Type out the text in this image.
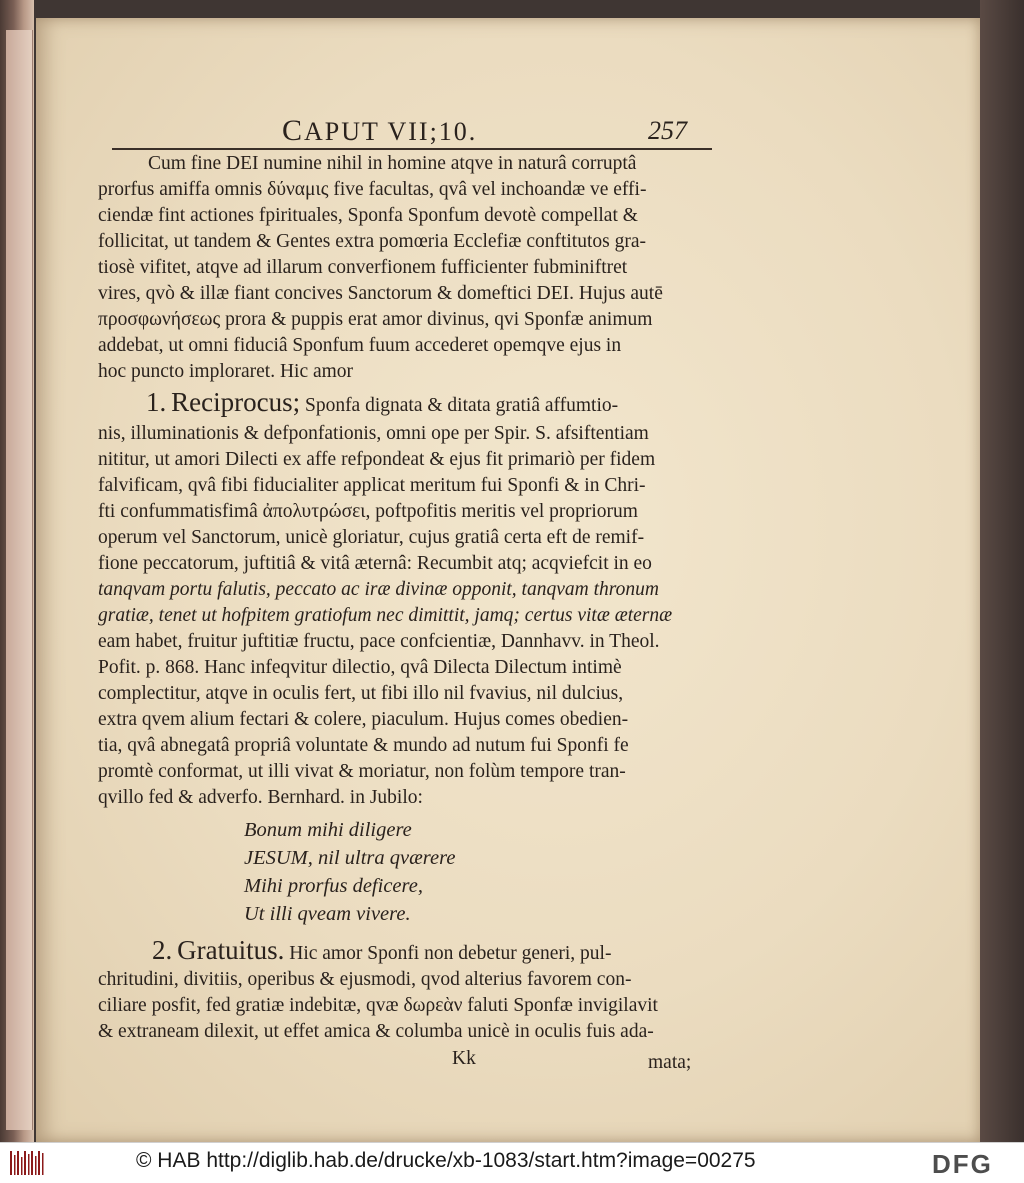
CAPUT VII;10.	257
Cum fine DEI numine nihil in homine atqve in naturâ corruptâ
prorfus amiffa omnis δύναμις five facultas, qvâ vel inchoandæ ve effi-
ciendæ fint actiones fpirituales, Sponfa Sponfum devotè compellat &
follicitat, ut tandem & Gentes extra pomœria Ecclefiæ conftitutos gra-
tiosè vifitet, atqve ad illarum converfionem fufficienter fubminiftret
vires, qvò & illæ fiant concives Sanctorum & domeftici DEI. Hujus autē
προσφωνήσεως prora & puppis erat amor divinus, qvi Sponfæ animum
addebat, ut omni fiduciâ Sponfum fuum accederet opemqve ejus in
hoc puncto imploraret. Hic amor
1. Reciprocus; Sponfa dignata & ditata gratiâ affumtio-
nis, illuminationis & defponfationis, omni ope per Spir. S. afsiftentiam
nititur, ut amori Dilecti ex affe refpondeat & ejus fit primariò per fidem
falvificam, qvâ fibi fiducialiter applicat meritum fui Sponfi & in Chri-
fti confummatisfimâ ἀπολυτρώσει, poftpofitis meritis vel propriorum
operum vel Sanctorum, unicè gloriatur, cujus gratiâ certa eft de remif-
fione peccatorum, juftitiâ & vitâ æternâ: Recumbit atq; acqviefcit in eo
tanqvam portu falutis, peccato ac iræ divinæ opponit, tanqvam thronum
gratiæ, tenet ut hofpitem gratiofum nec dimittit, jamq; certus vitæ æternæ
eam habet, fruitur juftitiæ fructu, pace confcientiæ, Dannhavv. in Theol.
Pofit. p. 868. Hanc infeqvitur dilectio, qvâ Dilecta Dilectum intimè
complectitur, atqve in oculis fert, ut fibi illo nil fvavius, nil dulcius,
extra qvem alium fectari & colere, piaculum. Hujus comes obedien-
tia, qvâ abnegatâ propriâ voluntate & mundo ad nutum fui Sponfi fe
promtè conformat, ut illi vivat & moriatur, non folùm tempore tran-
qvillo fed & adverfo. Bernhard. in Jubilo:
Bonum mihi diligere
JESUM, nil ultra qværere
Mihi prorfus deficere,
Ut illi qveam vivere.
2. Gratuitus. Hic amor Sponfi non debetur generi, pul-
chritudini, divitiis, operibus & ejusmodi, qvod alterius favorem con-
ciliare posfit, fed gratiæ indebitæ, qvæ δωρεὰν faluti Sponfæ invigilavit
& extraneam dilexit, ut effet amica & columba unicè in oculis fuis ada-
Kk	mata;
© HAB http://diglib.hab.de/drucke/xb-1083/start.htm?image=00275	DFG
